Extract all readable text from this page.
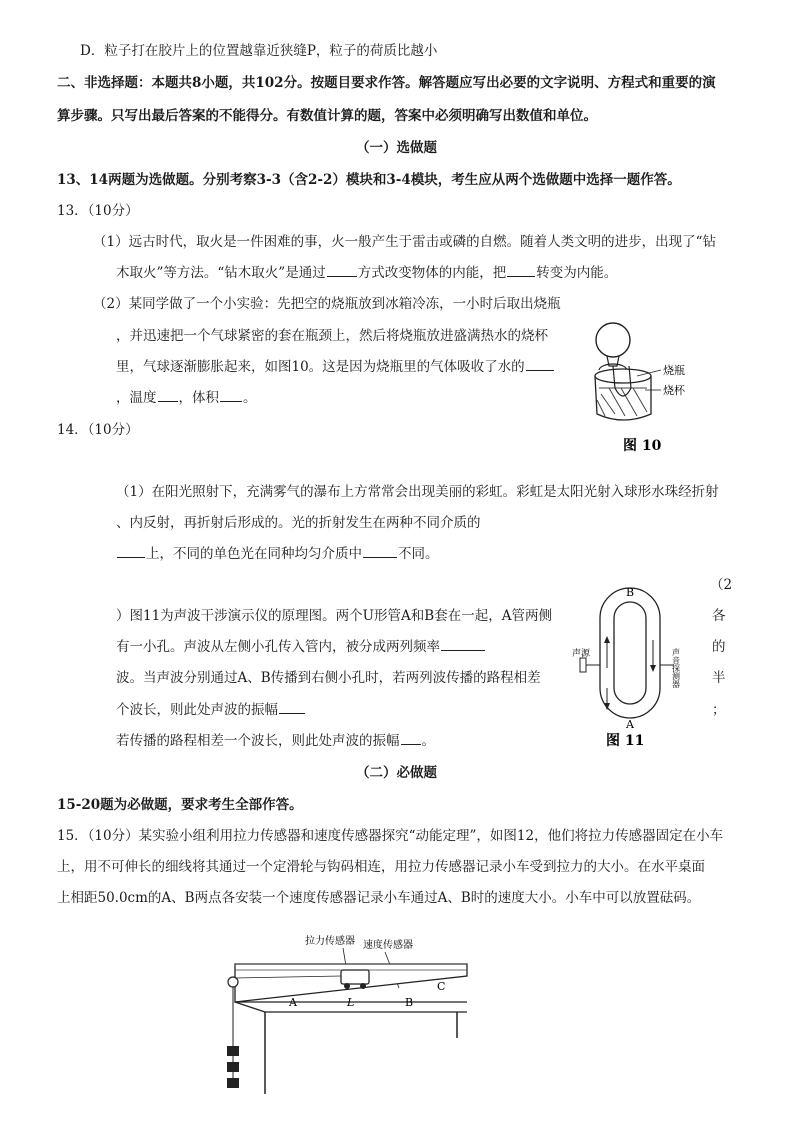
D．粒子打在胶片上的位置越靠近狭缝P，粒子的荷质比越小
二、非选择题：本题共8小题，共102分。按题目要求作答。解答题应写出必要的文字说明、方程式和重要的演
算步骤。只写出最后答案的不能得分。有数值计算的题，答案中必须明确写出数值和单位。
（一）选做题
13、14两题为选做题。分别考察3-3（含2-2）模块和3-4模块，考生应从两个选做题中选择一题作答。
13．（10分）
（1）远古时代，取火是一件困难的事，火一般产生于雷击或磷的自燃。随着人类文明的进步，出现了“钻
木取火”等方法。“钻木取火”是通过 方式改变物体的内能，把 转变为内能。
（2）某同学做了一个小实验：先把空的烧瓶放到冰箱冷冻，一小时后取出烧瓶
，并迅速把一个气球紧密的套在瓶颈上，然后将烧瓶放进盛满热水的烧杯
里，气球逐渐膨胀起来，如图10。这是因为烧瓶里的气体吸收了水的
，温度 ，体积 。
烧瓶
烧杯
图 10
14．（10分）
（1）在阳光照射下，充满雾气的瀑布上方常常会出现美丽的彩虹。彩虹是太阳光射入球形水珠经折射
、内反射，再折射后形成的。光的折射发生在两种不同介质的
上，不同的单色光在同种均匀介质中	不同。
（2
）图11为声波干涉演示仪的原理图。两个U形管A和B套在一起，A管两侧
有一小孔。声波从左侧小孔传入管内，被分成两列频率
波。当声波分别通过A、B传播到右侧小孔时，若两列波传播的路程相差
个波长，则此处声波的振幅
若传播的路程相差一个波长，则此处声波的振幅 。
各
的
半
；
B
A
声源	声音探测器
图 11
（二）必做题
15-20题为必做题，要求考生全部作答。
15．（10分）某实验小组利用拉力传感器和速度传感器探究“动能定理”，如图12，他们将拉力传感器固定在小车
上，用不可伸长的细线将其通过一个定滑轮与钩码相连，用拉力传感器记录小车受到拉力的大小。在水平桌面
上相距50.0cm的A、B两点各安装一个速度传感器记录小车通过A、B时的速度大小。小车中可以放置砝码。
拉力传感器 速度传感器
A	B
L
C
